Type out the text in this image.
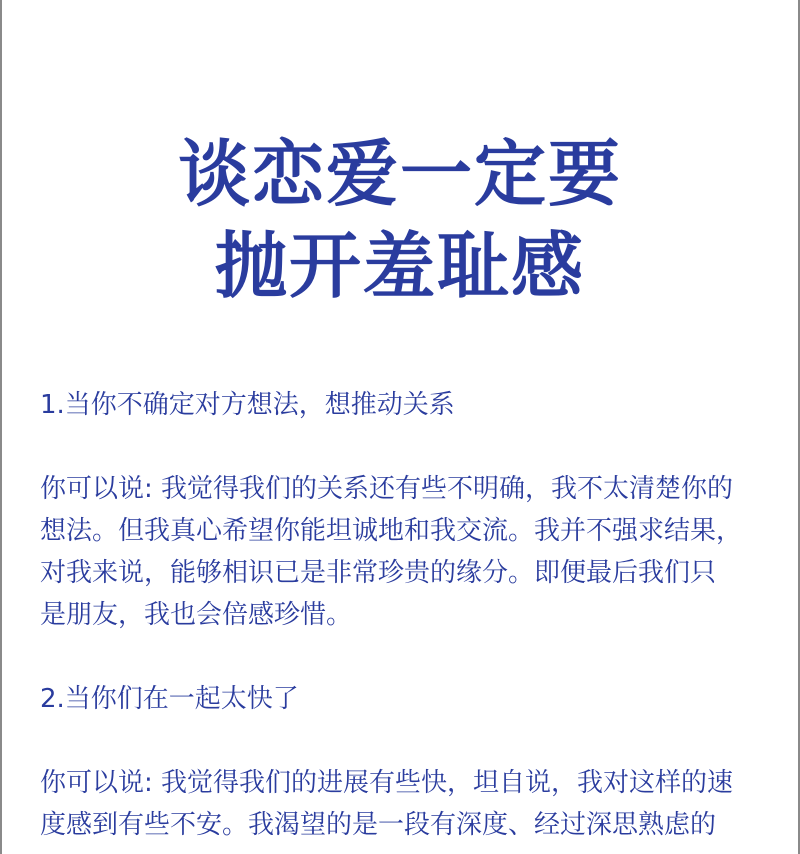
谈恋爱一定要
抛开羞耻感
1.当你不确定对方想法，想推动关系
你可以说: 我觉得我们的关系还有些不明确，我不太清楚你的
想法。但我真心希望你能坦诚地和我交流。我并不强求结果，
对我来说，能够相识已是非常珍贵的缘分。即便最后我们只
是朋友，我也会倍感珍惜。
2.当你们在一起太快了
你可以说: 我觉得我们的进展有些快，坦自说，我对这样的速
度感到有些不安。我渴望的是一段有深度、经过深思熟虑的
